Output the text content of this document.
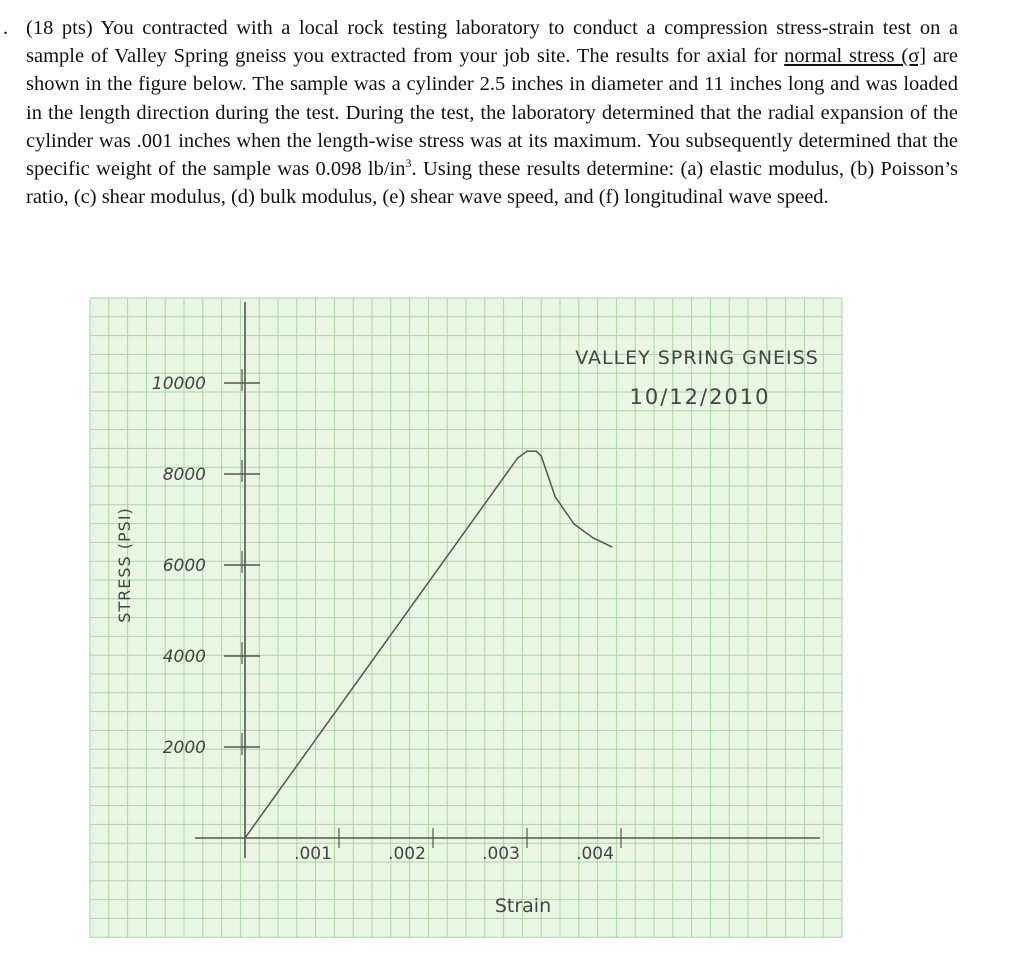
. (18 pts) You contracted with a local rock testing laboratory to conduct a compression stress-strain test on a sample of Valley Spring gneiss you extracted from your job site. The results for axial for normal stress (σ] are shown in the figure below. The sample was a cylinder 2.5 inches in diameter and 11 inches long and was loaded in the length direction during the test. During the test, the laboratory determined that the radial expansion of the cylinder was .001 inches when the length-wise stress was at its maximum. You subsequently determined that the specific weight of the sample was 0.098 $lb/in^3$. Using these results determine: (a) elastic modulus, (b) Poisson’s ratio, (c) shear modulus, (d) bulk modulus, (e) shear wave speed, and (f) longitudinal wave speed.
2000
4000
6000
8000
10000
.001	.002	.003	.004
VALLEY SPRING GNEISS
10/12/2010
Strain
STRESS (PSI)
